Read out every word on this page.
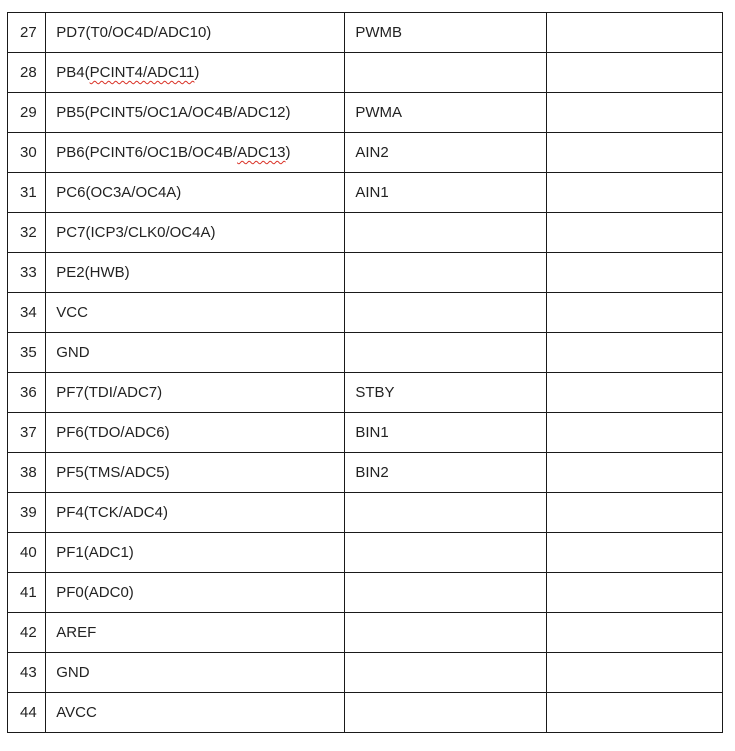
27	PD7(T0/OC4D/ADC10)	PWMB	
28	PB4(PCINT4/ADC11)		
29	PB5(PCINT5/OC1A/OC4B/ADC12)	PWMA	
30	PB6(PCINT6/OC1B/OC4B/ADC13)	AIN2	
31	PC6(OC3A/OC4A)	AIN1	
32	PC7(ICP3/CLK0/OC4A)		
33	PE2(HWB)		
34	VCC		
35	GND		
36	PF7(TDI/ADC7)	STBY	
37	PF6(TDO/ADC6)	BIN1	
38	PF5(TMS/ADC5)	BIN2	
39	PF4(TCK/ADC4)		
40	PF1(ADC1)		
41	PF0(ADC0)		
42	AREF		
43	GND		
44	AVCC		
